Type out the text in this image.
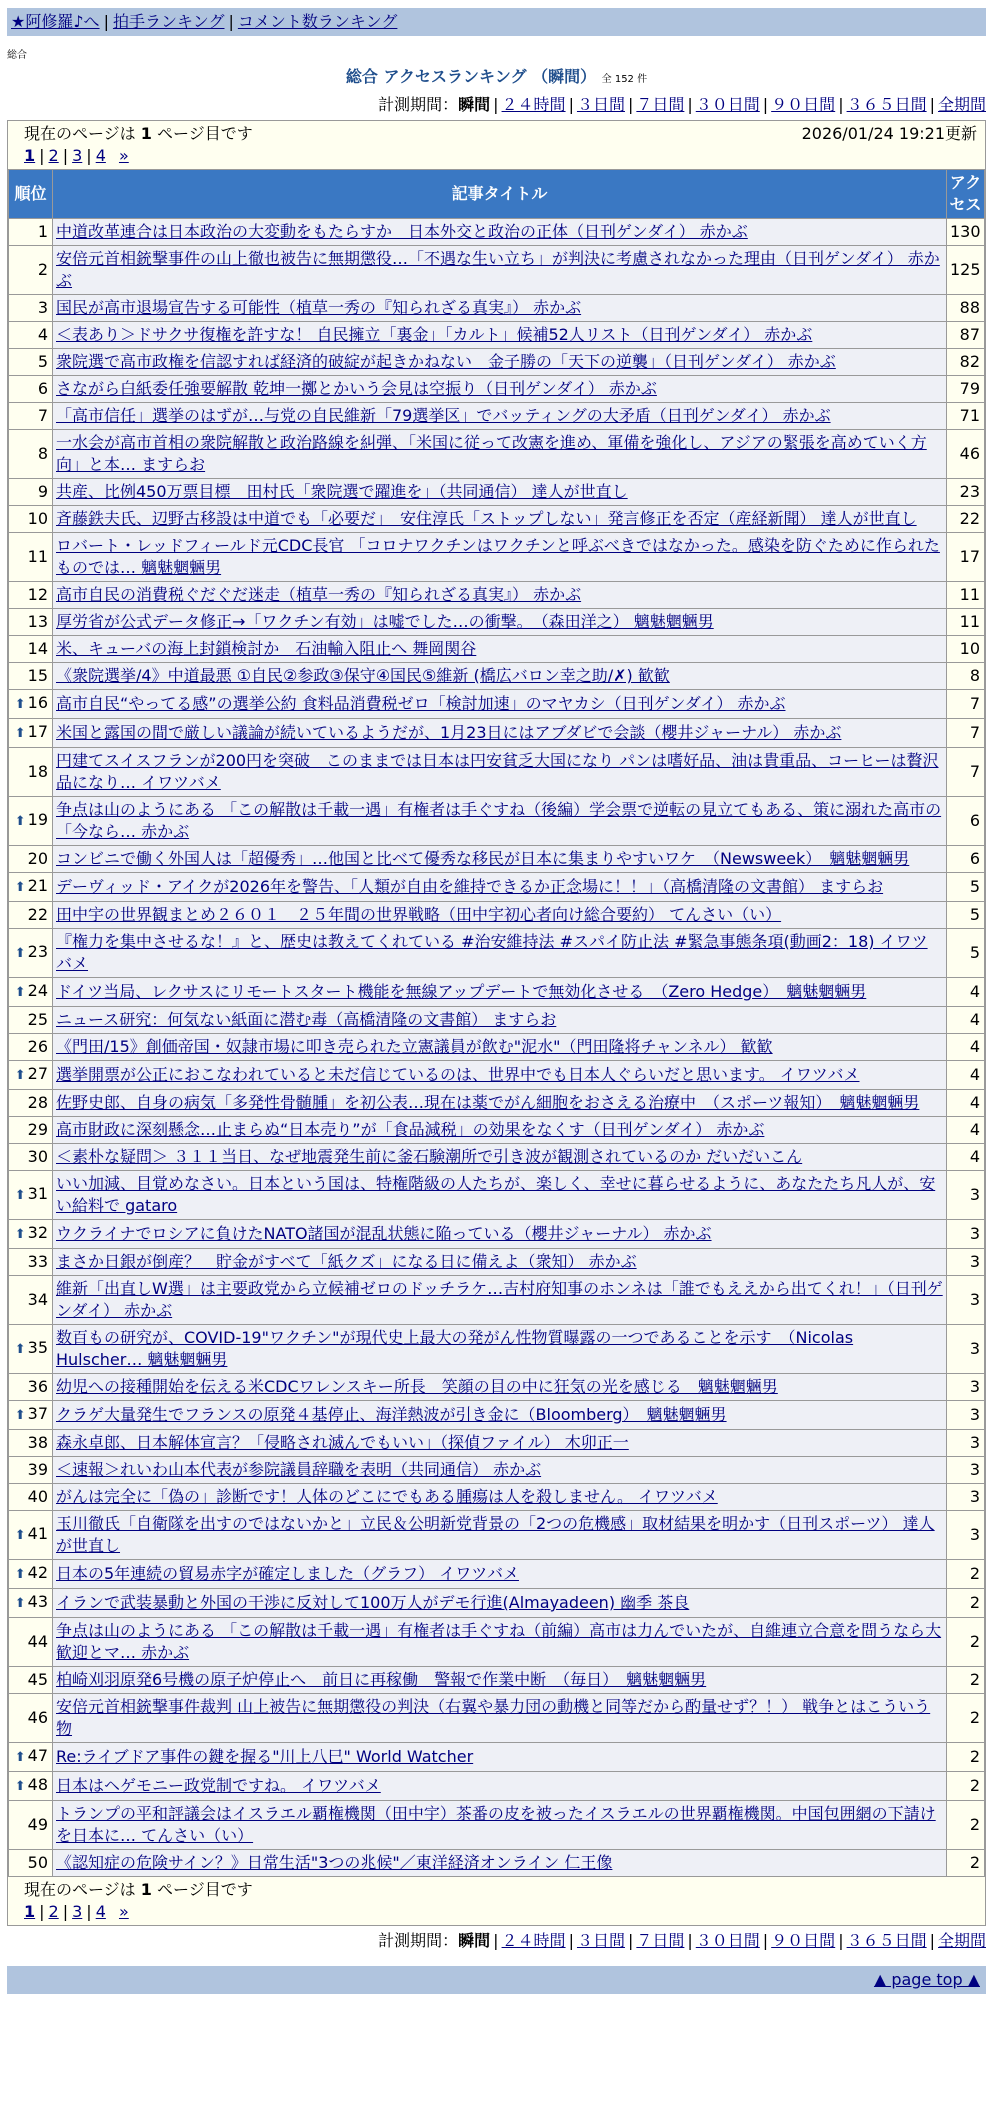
★阿修羅♪へ | 拍手ランキング | コメント数ランキング
総合
総合 アクセスランキング （瞬間） 全 152 件
計測期間：瞬間 | ２４時間 | ３日間 | ７日間 | ３０日間 | ９０日間 | ３６５日間 | 全期間
現在のページは 1 ページ目です	2026/01/24 19:21更新
1 | 2 | 3 | 4 »
順位	記事タイトル	アクセス
1	中道改革連合は日本政治の大変動をもたらすか　日本外交と政治の正体（日刊ゲンダイ） 赤かぶ	130
2	安倍元首相銃撃事件の山上徹也被告に無期懲役…「不遇な生い立ち」が判決に考慮されなかった理由（日刊ゲンダイ） 赤かぶ	125
3	国民が高市退場宣告する可能性（植草一秀の『知られざる真実』） 赤かぶ	88
4	＜表あり＞ドサクサ復権を許すな！ 自民擁立「裏金」「カルト」候補52人リスト（日刊ゲンダイ） 赤かぶ	87
5	衆院選で高市政権を信認すれば経済的破綻が起きかねない　金子勝の「天下の逆襲」（日刊ゲンダイ） 赤かぶ	82
6	さながら白紙委任強要解散 乾坤一擲とかいう会見は空振り（日刊ゲンダイ） 赤かぶ	79
7	「高市信任」選挙のはずが…与党の自民維新「79選挙区」でバッティングの大矛盾（日刊ゲンダイ） 赤かぶ	71
8	一水会が高市首相の衆院解散と政治路線を糾弾、「米国に従って改憲を進め、軍備を強化し、アジアの緊張を高めていく方向」と本… ますらお	46
9	共産、比例450万票目標　田村氏「衆院選で躍進を」（共同通信） 達人が世直し	23
10	斉藤鉄夫氏、辺野古移設は中道でも「必要だ」　安住淳氏「ストップしない」発言修正を否定（産経新聞） 達人が世直し	22
11	ロバート・レッドフィールド元CDC長官 「コロナワクチンはワクチンと呼ぶべきではなかった。感染を防ぐために作られたものでは… 魑魅魍魎男	17
12	高市自民の消費税ぐだぐだ迷走（植草一秀の『知られざる真実』） 赤かぶ	11
13	厚労省が公式データ修正→「ワクチン有効」は嘘でした…の衝撃。　（森田洋之） 魑魅魍魎男	11
14	米、キューバの海上封鎖検討か　石油輸入阻止へ 舞岡関谷	10
15	《衆院選挙/4》中道最悪 ①自民②参政③保守④国民⑤維新 (橋広バロン幸之助/✗) 歓歓	8
⬆ 16	高市自民“やってる感”の選挙公約 食料品消費税ゼロ「検討加速」のマヤカシ（日刊ゲンダイ） 赤かぶ	7
⬆ 17	米国と露国の間で厳しい議論が続いているようだが、1月23日にはアブダビで会談（櫻井ジャーナル） 赤かぶ	7
18	円建てスイスフランが200円を突破　このままでは日本は円安貧乏大国になり パンは嗜好品、油は貴重品、コーヒーは贅沢品になり… イワツバメ	7
⬆ 19	争点は山のようにある 「この解散は千載一遇」有権者は手ぐすね（後編）学会票で逆転の見立てもある、策に溺れた高市の「今なら… 赤かぶ	6
20	コンビニで働く外国人は「超優秀」…他国と比べて優秀な移民が日本に集まりやすいワケ　（Newsweek）　魑魅魍魎男	6
⬆ 21	デーヴィッド・アイクが2026年を警告、「人類が自由を維持できるか正念場に！！」（高橋清隆の文書館） ますらお	5
22	田中宇の世界観まとめ２６０１　２５年間の世界戦略（田中宇初心者向け総合要約） てんさい（い）	5
⬆ 23	『権力を集中させるな！』と、歴史は教えてくれている #治安維持法 #スパイ防止法 #緊急事態条項(動画2：18) イワツバメ	5
⬆ 24	ドイツ当局、レクサスにリモートスタート機能を無線アップデートで無効化させる　（Zero Hedge）　魑魅魍魎男	4
25	ニュース研究：何気ない紙面に潜む毒（高橋清隆の文書館） ますらお	4
26	《門田/15》創価帝国・奴隷市場に叩き売られた立憲議員が飲む"泥水"（門田隆将チャンネル） 歓歓	4
⬆ 27	選挙開票が公正におこなわれていると未だ信じているのは、世界中でも日本人ぐらいだと思います。 イワツバメ	4
28	佐野史郎、自身の病気「多発性骨髄腫」を初公表…現在は薬でがん細胞をおさえる治療中　（スポーツ報知）　魑魅魍魎男	4
29	高市財政に深刻懸念…止まらぬ“日本売り”が「食品減税」の効果をなくす（日刊ゲンダイ） 赤かぶ	4
30	＜素朴な疑問＞ ３１１当日、なぜ地震発生前に釜石験潮所で引き波が観測されているのか だいだいこん	4
⬆ 31	いい加減、目覚めなさい。日本という国は、特権階級の人たちが、楽しく、幸せに暮らせるように、あなたたち凡人が、安い給料で gataro	3
⬆ 32	ウクライナでロシアに負けたNATO諸国が混乱状態に陥っている（櫻井ジャーナル） 赤かぶ	3
33	まさか日銀が倒産？　貯金がすべて「紙クズ」になる日に備えよ（衆知） 赤かぶ	3
34	維新「出直しW選」は主要政党から立候補ゼロのドッチラケ…吉村府知事のホンネは「誰でもええから出てくれ！」（日刊ゲンダイ） 赤かぶ	3
⬆ 35	数百もの研究が、COVID-19"ワクチン"が現代史上最大の発がん性物質曝露の一つであることを示す　（Nicolas Hulscher… 魑魅魍魎男	3
36	幼児への接種開始を伝える米CDCワレンスキー所長　笑顔の目の中に狂気の光を感じる　魑魅魍魎男	3
⬆ 37	クラゲ大量発生でフランスの原発４基停止、海洋熱波が引き金に（Bloomberg）　魑魅魍魎男	3
38	森永卓郎、日本解体宣言？「侵略され滅んでもいい」（探偵ファイル） 木卯正一	3
39	＜速報＞れいわ山本代表が参院議員辞職を表明（共同通信） 赤かぶ	3
40	がんは完全に「偽の」診断です！人体のどこにでもある腫瘍は人を殺しません。 イワツバメ	3
⬆ 41	玉川徹氏「自衛隊を出すのではないかと」立民＆公明新党背景の「2つの危機感」取材結果を明かす（日刊スポーツ） 達人が世直し	3
⬆ 42	日本の5年連続の貿易赤字が確定しました（グラフ） イワツバメ	2
⬆ 43	イランで武装暴動と外国の干渉に反対して100万人がデモ行進(Almayadeen) 幽季 茶良	2
44	争点は山のようにある 「この解散は千載一遇」有権者は手ぐすね（前編）高市は力んでいたが、自維連立合意を問うなら大歓迎とマ… 赤かぶ	2
45	柏崎刈羽原発6号機の原子炉停止へ　前日に再稼働　警報で作業中断　（毎日）　魑魅魍魎男	2
46	安倍元首相銃撃事件裁判 山上被告に無期懲役の判決（右翼や暴力団の動機と同等だから酌量せず？！） 戦争とはこういう物	2
⬆ 47	Re:ライブドア事件の鍵を握る"川上八巳" World Watcher	2
⬆ 48	日本はヘゲモニー政党制ですね。 イワツバメ	2
49	トランプの平和評議会はイスラエル覇権機関（田中宇）茶番の皮を被ったイスラエルの世界覇権機関。中国包囲網の下請けを日本に… てんさい（い）	2
50	《認知症の危険サイン？》日常生活"3つの兆候"／東洋経済オンライン 仁王像	2
現在のページは 1 ページ目です
1 | 2 | 3 | 4 »
計測期間：瞬間 | ２４時間 | ３日間 | ７日間 | ３０日間 | ９０日間 | ３６５日間 | 全期間
▲ page top ▲
